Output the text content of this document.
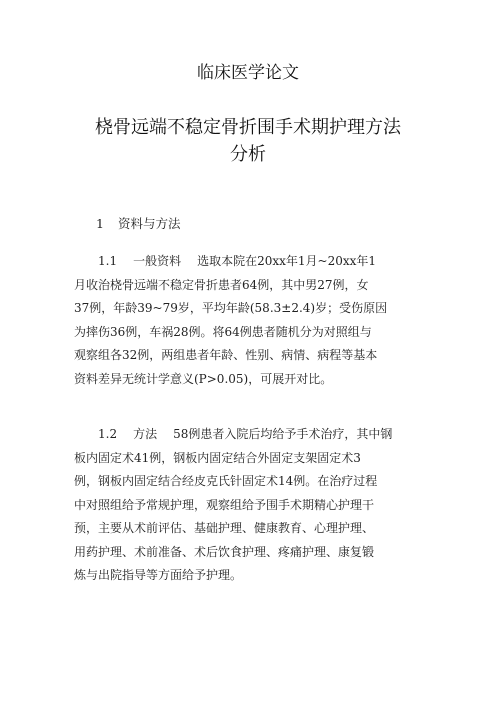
临床医学论文
桡骨远端不稳定骨折围手术期护理方法
分析
1 资料与方法
1.1 一般资料 选取本院在20xx年1月~20xx年1
月收治桡骨远端不稳定骨折患者64例，其中男27例，女
37例，年龄39~79岁，平均年龄(58.3±2.4)岁；受伤原因
为摔伤36例，车祸28例。将64例患者随机分为对照组与
观察组各32例，两组患者年龄、性别、病情、病程等基本
资料差异无统计学意义(P>0.05)，可展开对比。
1.2 方法 58例患者入院后均给予手术治疗，其中钢
板内固定术41例，钢板内固定结合外固定支架固定术3
例，钢板内固定结合经皮克氏针固定术14例。在治疗过程
中对照组给予常规护理，观察组给予围手术期精心护理干
预，主要从术前评估、基础护理、健康教育、心理护理、
用药护理、术前准备、术后饮食护理、疼痛护理、康复锻
炼与出院指导等方面给予护理。
